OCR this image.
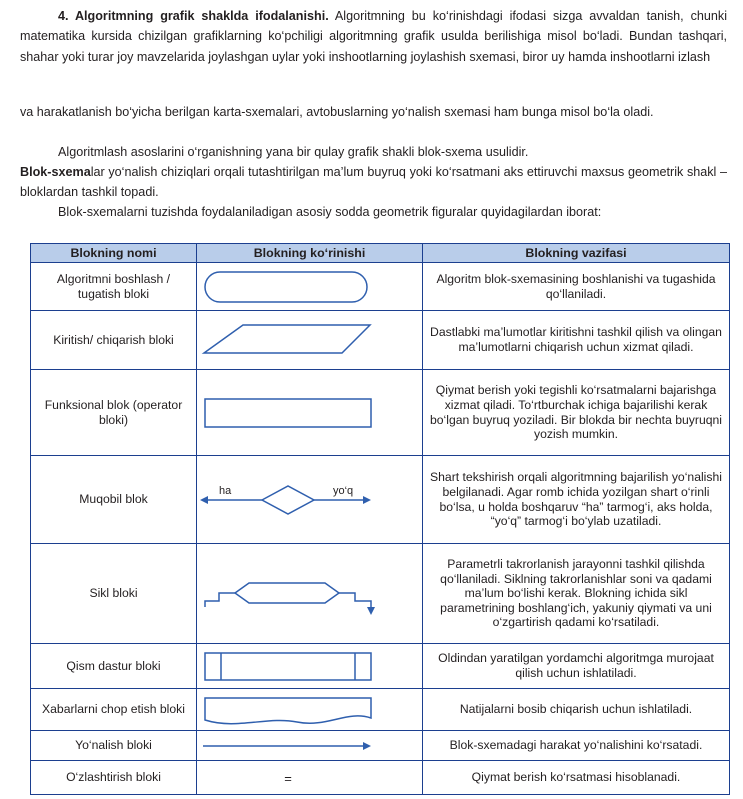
4. Algoritmning grafik shaklda ifodalanishi. Algoritmning bu ko‘rinishdagi ifodasi sizga avvaldan tanish, chunki matematika kursida chizilgan grafiklarning ko‘pchiligi algoritmning grafik usulda berilishiga misol bo‘ladi. Bundan tashqari, shahar yoki turar joy mavzelarida joylashgan uylar yoki inshootlarning joylashish sxemasi, biror uy hamda inshootlarni izlash

va harakatlanish bo‘yicha berilgan karta-sxemalari, avtobuslarning yo‘nalish sxemasi ham bunga misol bo‘la oladi.

Algoritmlash asoslarini o‘rganishning yana bir qulay grafik shakli blok-sxema usulidir.

Blok-sxemalar yo‘nalish chiziqlari orqali tutashtirilgan ma’lum buyruq yoki ko‘rsatmani aks ettiruvchi maxsus geometrik shakl – bloklardan tashkil topadi.

Blok-sxemalarni tuzishda foydalaniladigan asosiy sodda geometrik figuralar quyidagilardan iborat:

Blokning nomi	Blokning ko‘rinishi	Blokning vazifasi
Algoritmni boshlash / tugatish bloki		Algoritm blok-sxemasining boshlanishi va tugashida qo‘llaniladi.
Kiritish/ chiqarish bloki		Dastlabki ma’lumotlar kiritishni tashkil qilish va olingan ma’lumotlarni chiqarish uchun xizmat qiladi.
Funksional blok (operator bloki)		Qiymat berish yoki tegishli ko‘rsatmalarni bajarishga xizmat qiladi. To‘rtburchak ichiga bajarilishi kerak bo‘lgan buyruq yoziladi. Bir blokda bir nechta buyruqni yozish mumkin.
Muqobil blok	ha yo‘q	Shart tekshirish orqali algoritmning bajarilish yo‘nalishi belgilanadi. Agar romb ichida yozilgan shart o‘rinli bo‘lsa, u holda boshqaruv “ha” tarmog‘i, aks holda, “yo‘q” tarmog‘i bo‘ylab uzatiladi.
Sikl bloki		Parametrli takrorlanish jarayonni tashkil qilishda qo‘llaniladi. Siklning takrorlanishlar soni va qadami ma’lum bo‘lishi kerak. Blokning ichida sikl parametrining boshlang‘ich, yakuniy qiymati va uni o‘zgartirish qadami ko‘rsatiladi.
Qism dastur bloki		Oldindan yaratilgan yordamchi algoritmga murojaat qilish uchun ishlatiladi.
Xabarlarni chop etish bloki		Natijalarni bosib chiqarish uchun ishlatiladi.
Yo‘nalish bloki		Blok-sxemadagi harakat yo‘nalishini ko‘rsatadi.
O‘zlashtirish bloki	=	Qiymat berish ko‘rsatmasi hisoblanadi.
